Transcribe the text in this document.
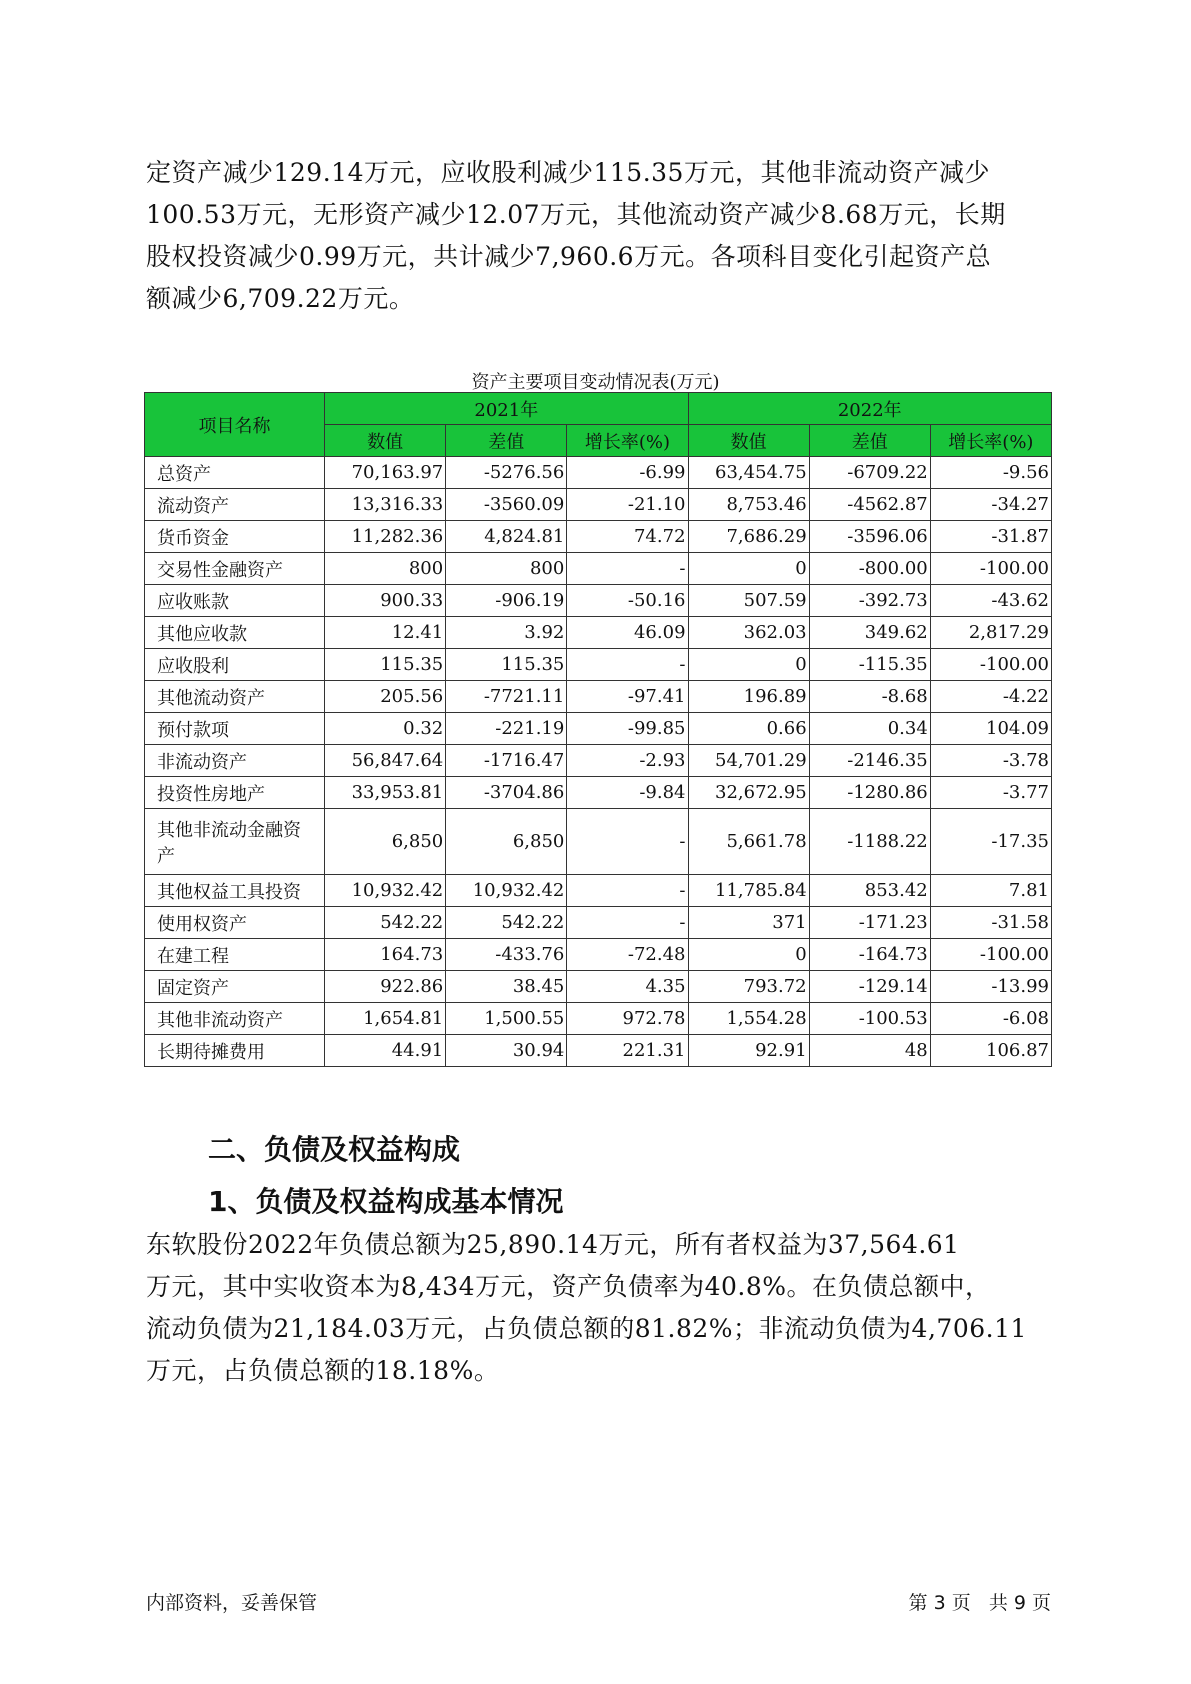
定资产减少129.14万元，应收股利减少115.35万元，其他非流动资产减少
100.53万元，无形资产减少12.07万元，其他流动资产减少8.68万元，长期
股权投资减少0.99万元，共计减少7,960.6万元。各项科目变化引起资产总
额减少6,709.22万元。
资产主要项目变动情况表(万元)
项目名称	2021年			2022年		
	数值	差值	增长率(%)	数值	差值	增长率(%)
总资产	70,163.97	-5276.56	-6.99	63,454.75	-6709.22	-9.56
流动资产	13,316.33	-3560.09	-21.10	8,753.46	-4562.87	-34.27
货币资金	11,282.36	4,824.81	74.72	7,686.29	-3596.06	-31.87
交易性金融资产	800	800	-	0	-800.00	-100.00
应收账款	900.33	-906.19	-50.16	507.59	-392.73	-43.62
其他应收款	12.41	3.92	46.09	362.03	349.62	2,817.29
应收股利	115.35	115.35	-	0	-115.35	-100.00
其他流动资产	205.56	-7721.11	-97.41	196.89	-8.68	-4.22
预付款项	0.32	-221.19	-99.85	0.66	0.34	104.09
非流动资产	56,847.64	-1716.47	-2.93	54,701.29	-2146.35	-3.78
投资性房地产	33,953.81	-3704.86	-9.84	32,672.95	-1280.86	-3.77
其他非流动金融资产	6,850	6,850	-	5,661.78	-1188.22	-17.35
其他权益工具投资	10,932.42	10,932.42	-	11,785.84	853.42	7.81
使用权资产	542.22	542.22	-	371	-171.23	-31.58
在建工程	164.73	-433.76	-72.48	0	-164.73	-100.00
固定资产	922.86	38.45	4.35	793.72	-129.14	-13.99
其他非流动资产	1,654.81	1,500.55	972.78	1,554.28	-100.53	-6.08
长期待摊费用	44.91	30.94	221.31	92.91	48	106.87
二、负债及权益构成
1、负债及权益构成基本情况
东软股份2022年负债总额为25,890.14万元，所有者权益为37,564.61
万元，其中实收资本为8,434万元，资产负债率为40.8%。在负债总额中，
流动负债为21,184.03万元，占负债总额的81.82%；非流动负债为4,706.11
万元，占负债总额的18.18%。
内部资料，妥善保管	第 3 页   共 9 页
